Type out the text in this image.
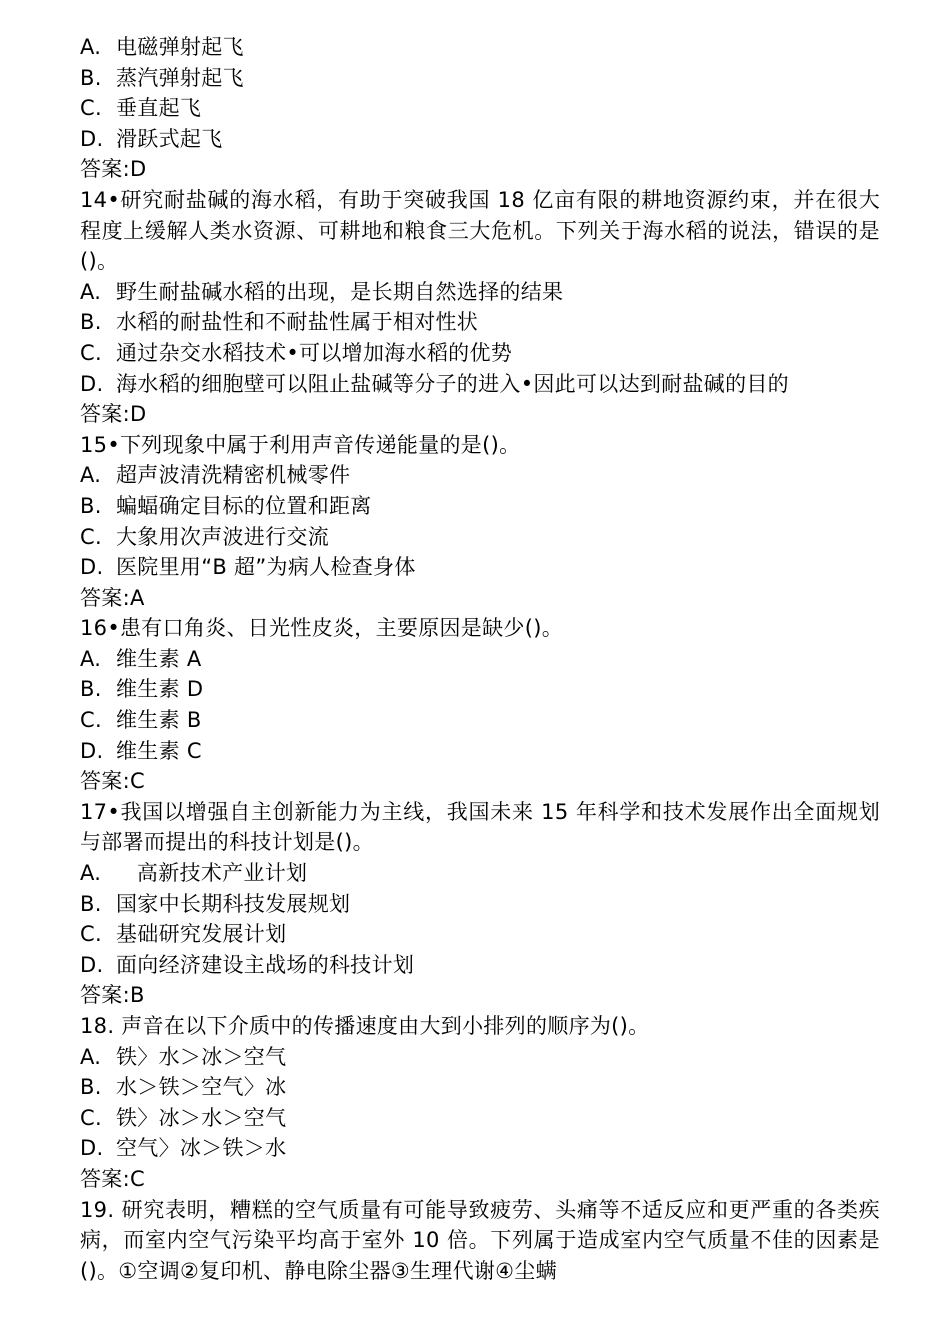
A. 电磁弹射起飞
B. 蒸汽弹射起飞
C. 垂直起飞
D. 滑跃式起飞
答案:D
14•研究耐盐碱的海水稻，有助于突破我国 18 亿亩有限的耕地资源约束，并在很大程度上缓解人类水资源、可耕地和粮食三大危机。下列关于海水稻的说法，错误的是()。
A. 野生耐盐碱水稻的出现，是长期自然选择的结果
B. 水稻的耐盐性和不耐盐性属于相对性状
C. 通过杂交水稻技术•可以增加海水稻的优势
D. 海水稻的细胞壁可以阻止盐碱等分子的进入•因此可以达到耐盐碱的目的
答案:D
15•下列现象中属于利用声音传递能量的是()。
A. 超声波清洗精密机械零件
B. 蝙蝠确定目标的位置和距离
C. 大象用次声波进行交流
D. 医院里用“B 超”为病人检查身体
答案:A
16•患有口角炎、日光性皮炎，主要原因是缺少()。
A. 维生素 A
B. 维生素 D
C. 维生素 B
D. 维生素 C
答案:C
17•我国以增强自主创新能力为主线，我国未来 15 年科学和技术发展作出全面规划与部署而提出的科技计划是()。
A.   高新技术产业计划
B. 国家中长期科技发展规划
C. 基础研究发展计划
D. 面向经济建设主战场的科技计划
答案:B
18. 声音在以下介质中的传播速度由大到小排列的顺序为()。
A. 铁〉水＞冰＞空气
B. 水＞铁＞空气〉冰
C. 铁〉冰＞水＞空气
D. 空气〉冰＞铁＞水
答案:C
19. 研究表明，糟糕的空气质量有可能导致疲劳、头痛等不适反应和更严重的各类疾病，而室内空气污染平均高于室外 10 倍。下列属于造成室内空气质量不佳的因素是()。①空调②复印机、静电除尘器③生理代谢④尘螨
